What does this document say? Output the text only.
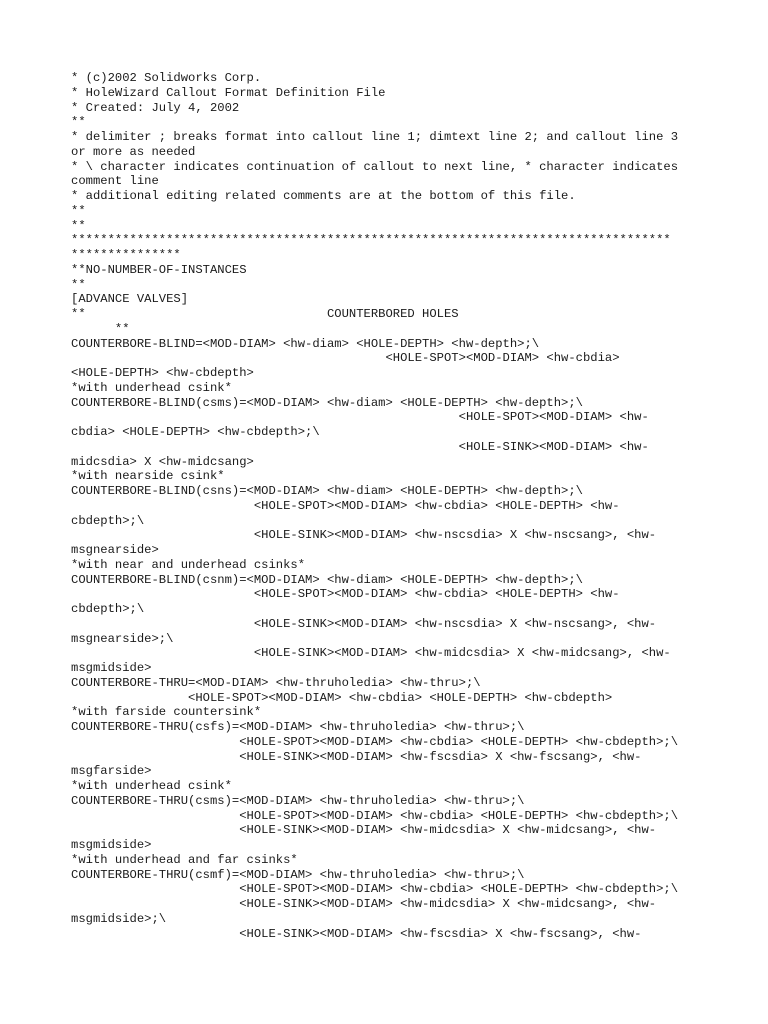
* (c)2002 Solidworks Corp.
* HoleWizard Callout Format Definition File
* Created: July 4, 2002
**
* delimiter ; breaks format into callout line 1; dimtext line 2; and callout line 3
or more as needed
* \ character indicates continuation of callout to next line, * character indicates
comment line
* additional editing related comments are at the bottom of this file.
**
**
**********************************************************************************
***************
**NO-NUMBER-OF-INSTANCES
**
[ADVANCE VALVES]
**                                 COUNTERBORED HOLES
**
COUNTERBORE-BLIND=<MOD-DIAM> <hw-diam> <HOLE-DEPTH> <hw-depth>;\
<HOLE-SPOT><MOD-DIAM> <hw-cbdia>
<HOLE-DEPTH> <hw-cbdepth>
*with underhead csink*
COUNTERBORE-BLIND(csms)=<MOD-DIAM> <hw-diam> <HOLE-DEPTH> <hw-depth>;\
<HOLE-SPOT><MOD-DIAM> <hw-
cbdia> <HOLE-DEPTH> <hw-cbdepth>;\
<HOLE-SINK><MOD-DIAM> <hw-
midcsdia> X <hw-midcsang>
*with nearside csink*
COUNTERBORE-BLIND(csns)=<MOD-DIAM> <hw-diam> <HOLE-DEPTH> <hw-depth>;\
<HOLE-SPOT><MOD-DIAM> <hw-cbdia> <HOLE-DEPTH> <hw-
cbdepth>;\
<HOLE-SINK><MOD-DIAM> <hw-nscsdia> X <hw-nscsang>, <hw-
msgnearside>
*with near and underhead csinks*
COUNTERBORE-BLIND(csnm)=<MOD-DIAM> <hw-diam> <HOLE-DEPTH> <hw-depth>;\
<HOLE-SPOT><MOD-DIAM> <hw-cbdia> <HOLE-DEPTH> <hw-
cbdepth>;\
<HOLE-SINK><MOD-DIAM> <hw-nscsdia> X <hw-nscsang>, <hw-
msgnearside>;\
<HOLE-SINK><MOD-DIAM> <hw-midcsdia> X <hw-midcsang>, <hw-
msgmidside>
COUNTERBORE-THRU=<MOD-DIAM> <hw-thruholedia> <hw-thru>;\
<HOLE-SPOT><MOD-DIAM> <hw-cbdia> <HOLE-DEPTH> <hw-cbdepth>
*with farside countersink*
COUNTERBORE-THRU(csfs)=<MOD-DIAM> <hw-thruholedia> <hw-thru>;\
<HOLE-SPOT><MOD-DIAM> <hw-cbdia> <HOLE-DEPTH> <hw-cbdepth>;\
<HOLE-SINK><MOD-DIAM> <hw-fscsdia> X <hw-fscsang>, <hw-
msgfarside>
*with underhead csink*
COUNTERBORE-THRU(csms)=<MOD-DIAM> <hw-thruholedia> <hw-thru>;\
<HOLE-SPOT><MOD-DIAM> <hw-cbdia> <HOLE-DEPTH> <hw-cbdepth>;\
<HOLE-SINK><MOD-DIAM> <hw-midcsdia> X <hw-midcsang>, <hw-
msgmidside>
*with underhead and far csinks*
COUNTERBORE-THRU(csmf)=<MOD-DIAM> <hw-thruholedia> <hw-thru>;\
<HOLE-SPOT><MOD-DIAM> <hw-cbdia> <HOLE-DEPTH> <hw-cbdepth>;\
<HOLE-SINK><MOD-DIAM> <hw-midcsdia> X <hw-midcsang>, <hw-
msgmidside>;\
<HOLE-SINK><MOD-DIAM> <hw-fscsdia> X <hw-fscsang>, <hw-
